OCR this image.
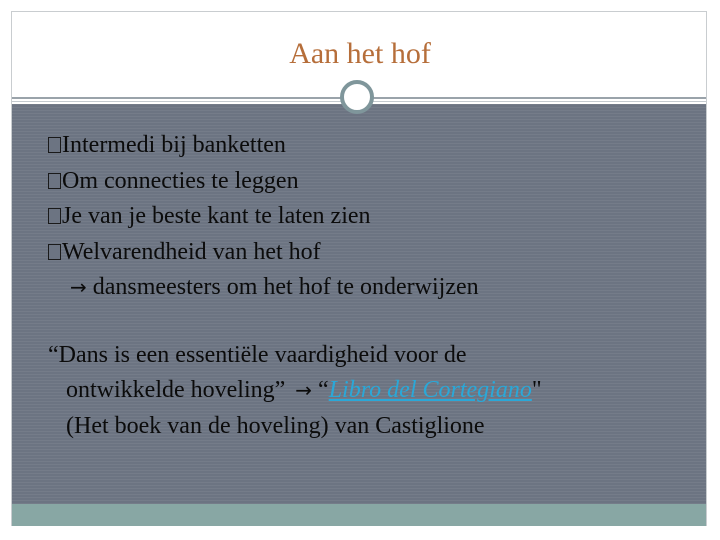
Aan het hof
Intermedi bij banketten
Om connecties te leggen
Je van je beste kant te laten zien
Welvarendheid van het hof
→ dansmeesters om het hof te onderwijzen
“Dans is een essentiële vaardigheid voor de
ontwikkelde hoveling” → “Libro del Cortegiano"
(Het boek van de hoveling) van Castiglione
